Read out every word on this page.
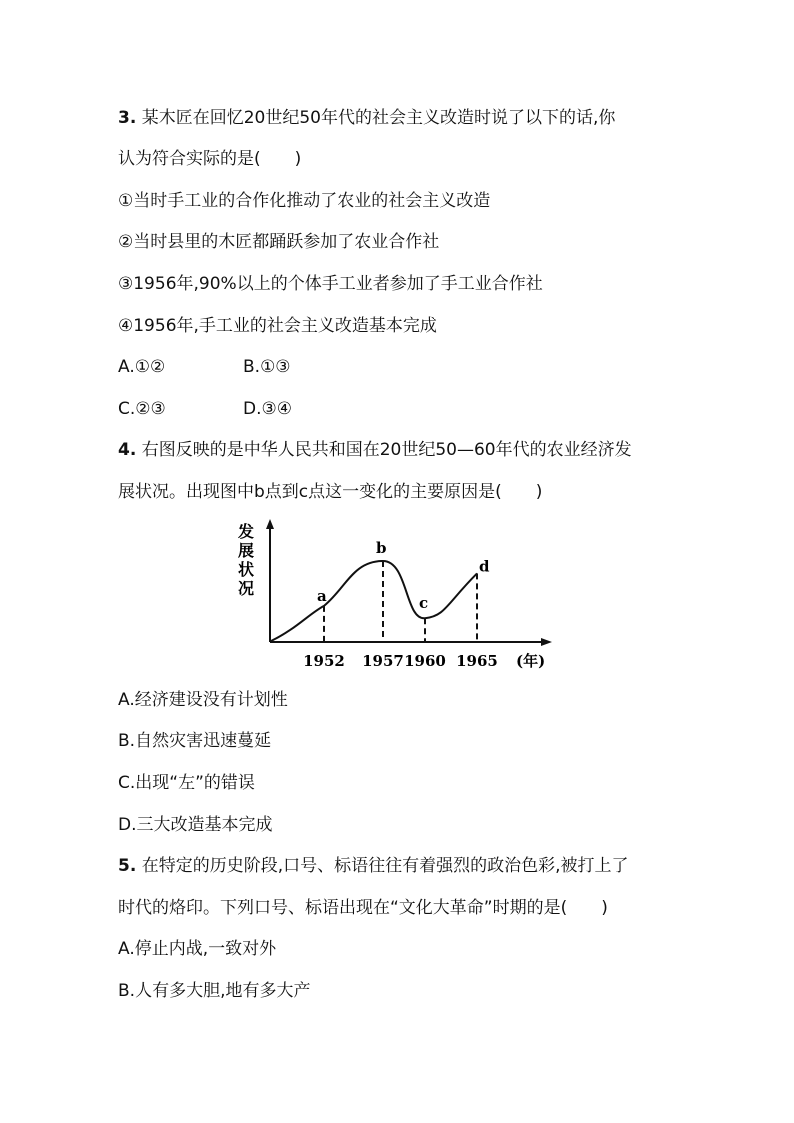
3. 某木匠在回忆20世纪50年代的社会主义改造时说了以下的话,你
认为符合实际的是(　　)
①当时手工业的合作化推动了农业的社会主义改造
②当时县里的木匠都踊跃参加了农业合作社
③1956年,90%以上的个体手工业者参加了手工业合作社
④1956年,手工业的社会主义改造基本完成
A.①②	B.①③
C.②③	D.③④
4. 右图反映的是中华人民共和国在20世纪50—60年代的农业经济发
展状况。出现图中b点到c点这一变化的主要原因是(　　)
发
展
状
况	a
1952
b
1957
c
1960
d
1965 (年)
A.经济建设没有计划性
B.自然灾害迅速蔓延
C.出现“左”的错误
D.三大改造基本完成
5. 在特定的历史阶段,口号、标语往往有着强烈的政治色彩,被打上了
时代的烙印。下列口号、标语出现在“文化大革命”时期的是(　　)
A.停止内战,一致对外
B.人有多大胆,地有多大产
